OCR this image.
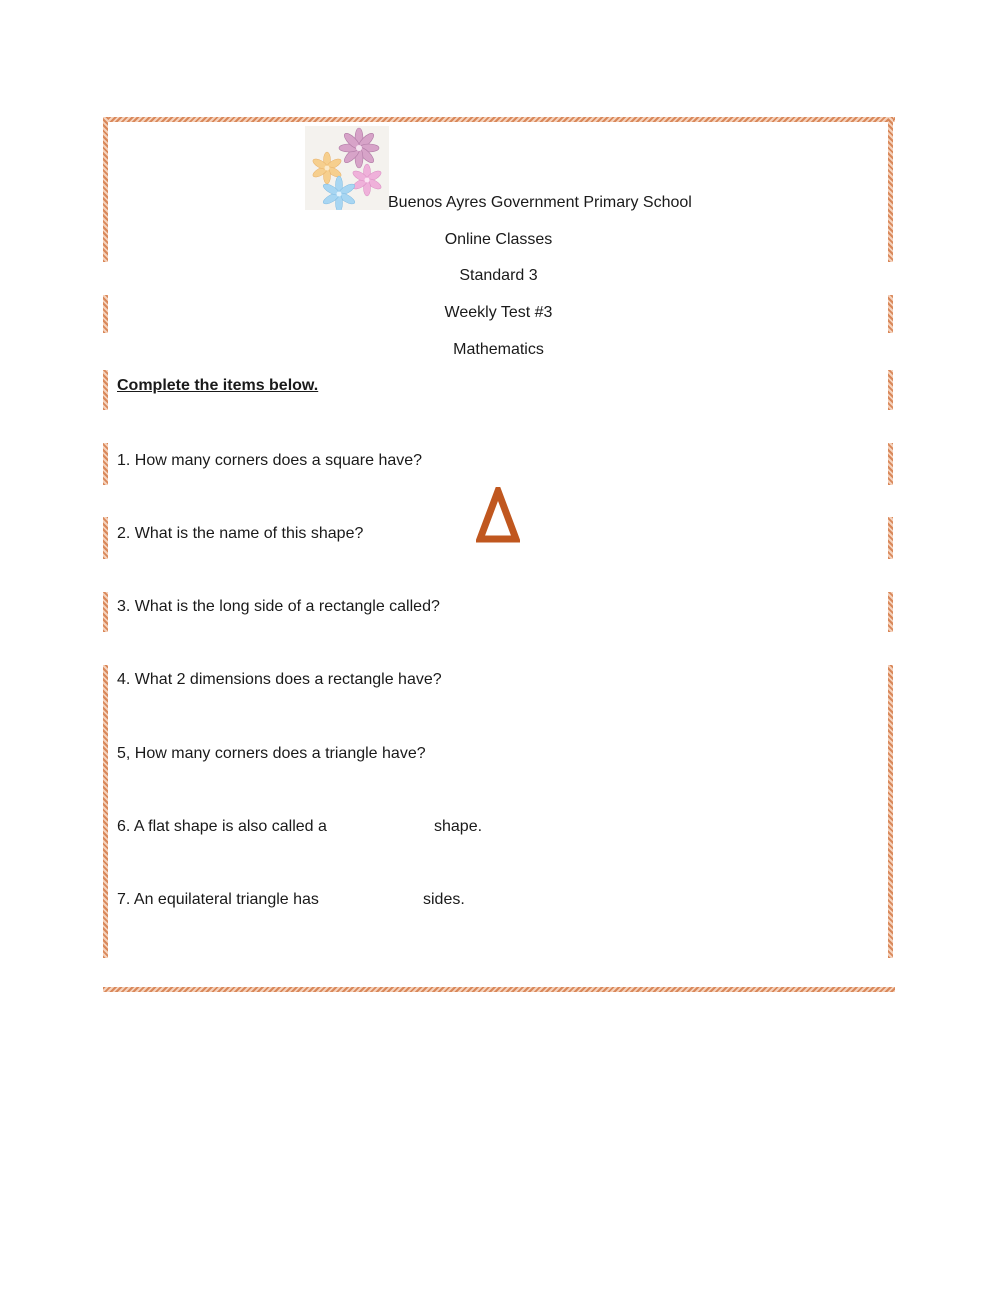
Buenos Ayres Government Primary School
Online Classes
Standard 3
Weekly Test #3
Mathematics
Complete the items below.
1. How many corners does a square have?
2. What is the name of this shape?
3. What is the long side of a rectangle called?
4. What 2 dimensions does a rectangle have?
5, How many corners does a triangle have?
6. A flat shape is also called a	shape.
7. An equilateral triangle has	sides.
